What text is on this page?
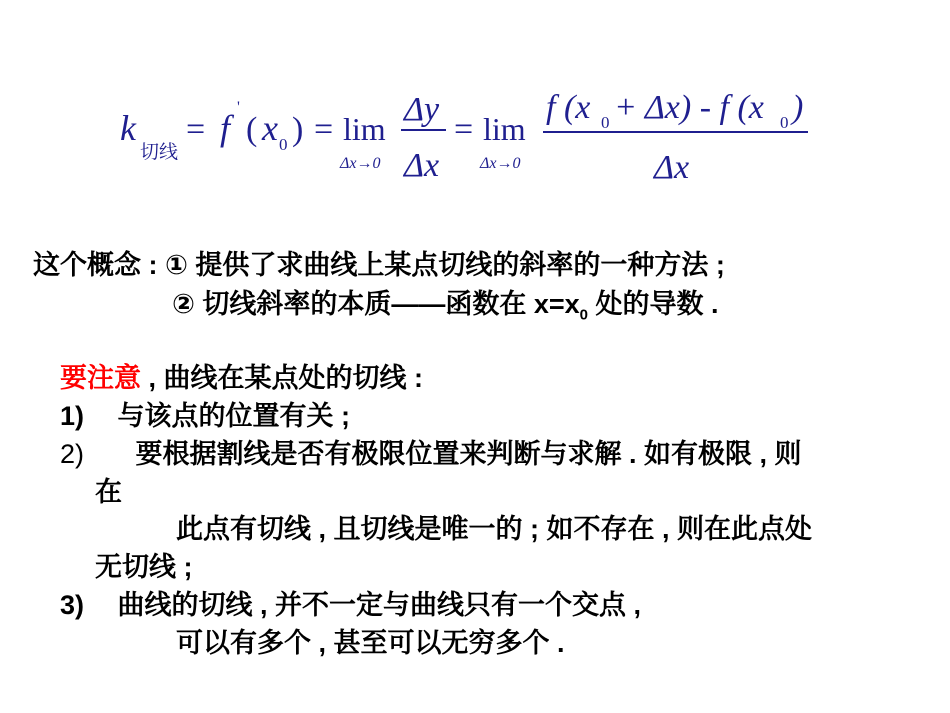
k
切线
= f
'
( x 0 ) = lim
Δx→0
Δy
Δx
= lim
Δx→0
f (x 0 + Δx) - f (x 0 )
Δx
这个概念 : ① 提供了求曲线上某点切线的斜率的一种方法 ;
② 切线斜率的本质——函数在 $x=x_0$ 处的导数 .
要注意 , 曲线在某点处的切线 :
1) 与该点的位置有关 ;
2) 要根据割线是否有极限位置来判断与求解 . 如有极限 , 则
在
此点有切线 , 且切线是唯一的 ; 如不存在 , 则在此点处
无切线 ;
3) 曲线的切线 , 并不一定与曲线只有一个交点 ,
可以有多个 , 甚至可以无穷多个 .
